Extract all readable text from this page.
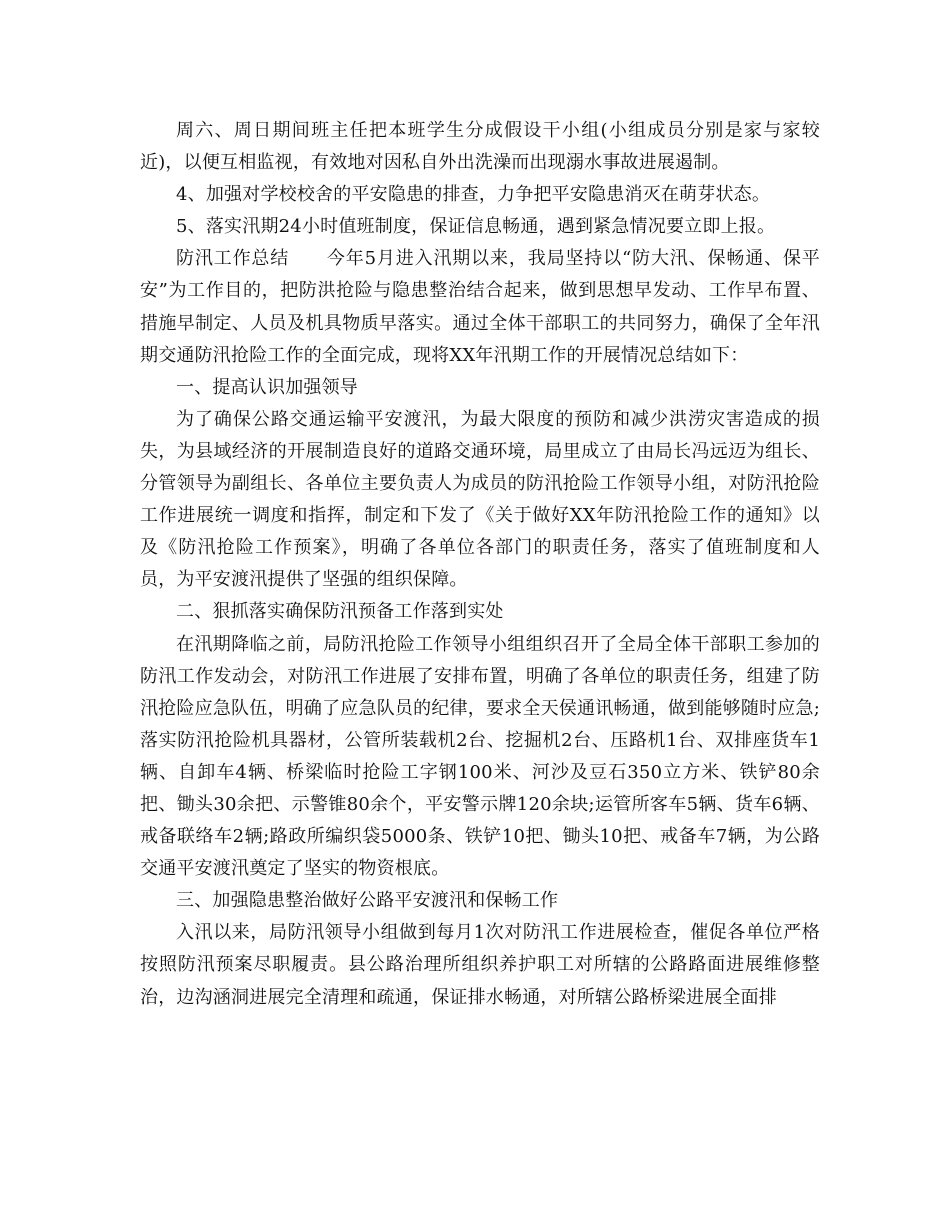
周六、周日期间班主任把本班学生分成假设干小组(小组成员分别是家与家较近)，以便互相监视，有效地对因私自外出洗澡而出现溺水事故进展遏制。

4、加强对学校校舍的平安隐患的排查，力争把平安隐患消灭在萌芽状态。

5、落实汛期24小时值班制度，保证信息畅通，遇到紧急情况要立即上报。

防汛工作总结　　今年5月进入汛期以来，我局坚持以“防大汛、保畅通、保平安”为工作目的，把防洪抢险与隐患整治结合起来，做到思想早发动、工作早布置、措施早制定、人员及机具物质早落实。通过全体干部职工的共同努力，确保了全年汛期交通防汛抢险工作的全面完成，现将XX年汛期工作的开展情况总结如下：

一、提高认识加强领导

为了确保公路交通运输平安渡汛，为最大限度的预防和减少洪涝灾害造成的损失，为县域经济的开展制造良好的道路交通环境，局里成立了由局长冯远迈为组长、分管领导为副组长、各单位主要负责人为成员的防汛抢险工作领导小组，对防汛抢险工作进展统一调度和指挥，制定和下发了《关于做好XX年防汛抢险工作的通知》以及《防汛抢险工作预案》，明确了各单位各部门的职责任务，落实了值班制度和人员，为平安渡汛提供了坚强的组织保障。

二、狠抓落实确保防汛预备工作落到实处

在汛期降临之前，局防汛抢险工作领导小组组织召开了全局全体干部职工参加的防汛工作发动会，对防汛工作进展了安排布置，明确了各单位的职责任务，组建了防汛抢险应急队伍，明确了应急队员的纪律，要求全天侯通讯畅通，做到能够随时应急;落实防汛抢险机具器材，公管所装载机2台、挖掘机2台、压路机1台、双排座货车1辆、自卸车4辆、桥梁临时抢险工字钢100米、河沙及豆石350立方米、铁铲80余把、锄头30余把、示警锥80余个，平安警示牌120余块;运管所客车5辆、货车6辆、戒备联络车2辆;路政所编织袋5000条、铁铲10把、锄头10把、戒备车7辆，为公路交通平安渡汛奠定了坚实的物资根底。

三、加强隐患整治做好公路平安渡汛和保畅工作

入汛以来，局防汛领导小组做到每月1次对防汛工作进展检查，催促各单位严格按照防汛预案尽职履责。县公路治理所组织养护职工对所辖的公路路面进展维修整治，边沟涵洞进展完全清理和疏通，保证排水畅通，对所辖公路桥梁进展全面排
